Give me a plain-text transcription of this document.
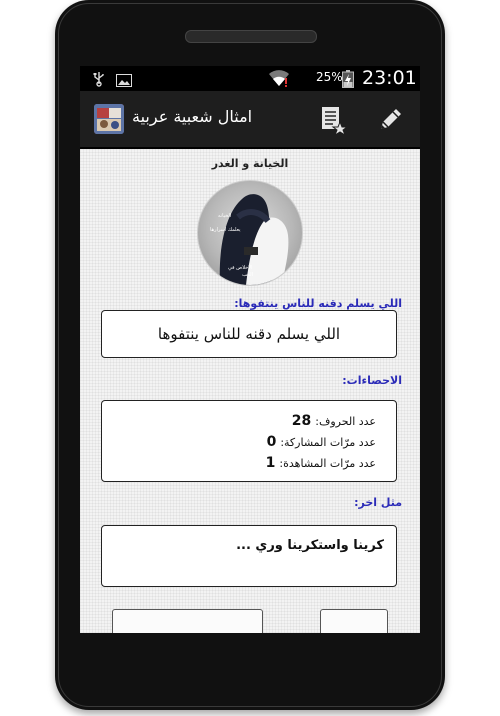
25% 23:01
امثال شعبية عربية
الخيانة و الغدر
الخيانه
يعلمك اسرارها
الاخلاص في
الحب
اللي يسلم دقنه للناس ينتفوها:
اللي يسلم دقنه للناس ينتفوها
الاحصاءات:
عدد الحروف:28
عدد مرّات المشاركة:0
عدد مرّات المشاهدة:1
مثل اخر:
كرينا واستكرينا وري ...
